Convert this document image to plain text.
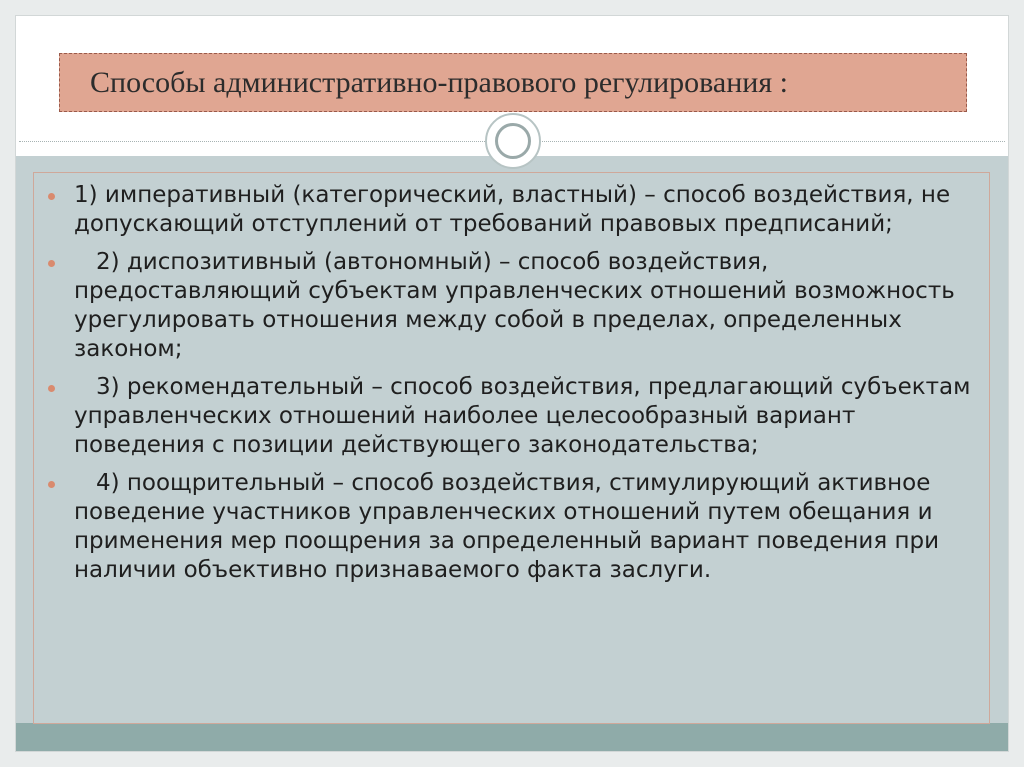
Способы административно-правового регулирования :
1) императивный (категорический, властный) – способ воздействия, не допускающий отступлений от требований правовых предписаний;
2) диспозитивный (автономный) – способ воздействия, предоставляющий субъектам управленческих отношений возможность урегулировать отношения между собой в пределах, определенных законом;
3) рекомендательный – способ воздействия, предлагающий субъектам управленческих отношений наиболее целесообразный вариант поведения с позиции действующего законодательства;
4) поощрительный – способ воздействия, стимулирующий активное поведение участников управленческих отношений путем обещания и применения мер поощрения за определенный вариант поведения при наличии объективно признаваемого факта заслуги.
